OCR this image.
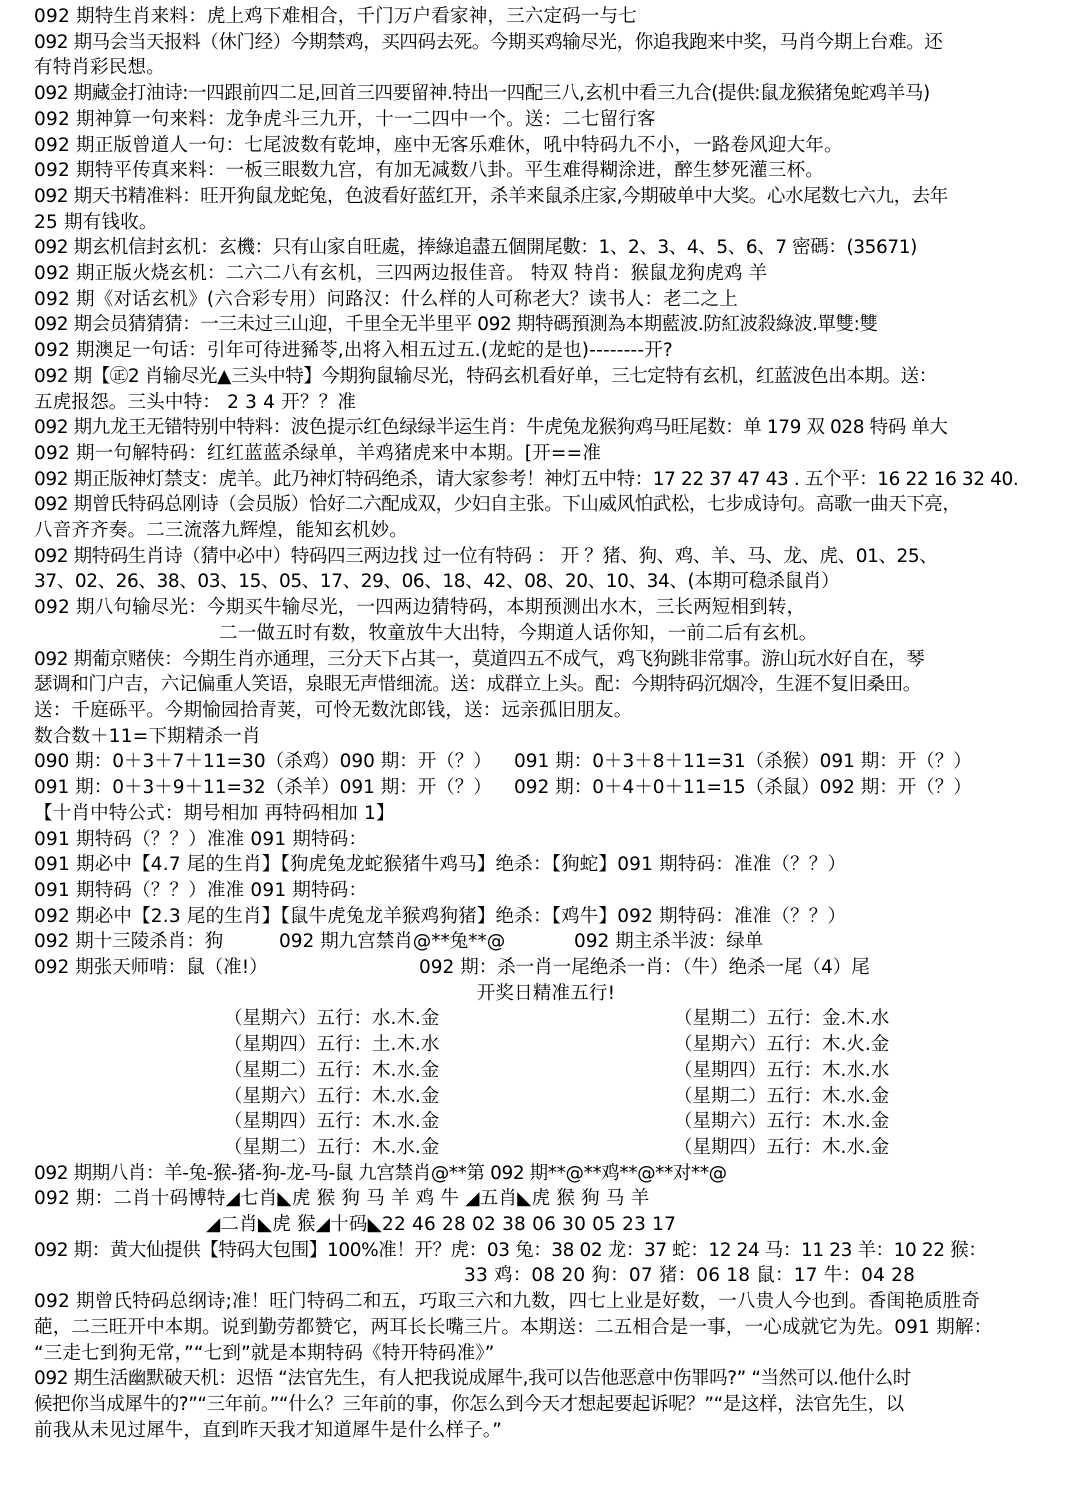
092 期特生肖来料：虎上鸡下难相合，千门万户看家神，三六定码一与七
092 期马会当天报料（休门经）今期禁鸡，买四码去死。今期买鸡输尽光，你追我跑来中奖，马肖今期上台难。还
有特肖彩民想。
092 期藏金打油诗:一四跟前四二足,回首三四要留神.特出一四配三八,玄机中看三九合(提供:鼠龙猴猪兔蛇鸡羊马)
092 期神算一句来料：龙争虎斗三九开，十一二四中一个。送：二七留行客
092 期正版曾道人一句：七尾波数有乾坤，座中无客乐难休，吼中特码九不小，一路卷风迎大年。
092 期特平传真来料：一板三眼数九宫，有加无减数八卦。平生难得糊涂进，醉生梦死灌三杯。
092 期天书精准料：旺开狗鼠龙蛇兔，色波看好蓝红开，杀羊来鼠杀庄家,今期破单中大奖。心水尾数七六九，去年
25 期有钱收。
092 期玄机信封玄机：玄機：只有山家自旺處，捧綠追盡五個開尾數：1、2、3、4、5、6、7 密碼：(35671)
092 期正版火烧玄机：二六二八有玄机，三四两边报佳音。 特双 特肖：猴鼠龙狗虎鸡 羊
092 期《对话玄机》(六合彩专用）问路汉：什么样的人可称老大？读书人：老二之上
092 期会员猜猜猜：一三未过三山迎，千里全无半里平 092 期特碼預測為本期藍波.防紅波殺綠波.單雙:雙
092 期澳足一句话：引年可待进豨苓,出将入相五过五.(龙蛇的是也)--------开?
092 期【㊣2 肖输尽光▲三头中特】今期狗鼠输尽光，特码玄机看好单，三七定特有玄机，红蓝波色出本期。送：
五虎报怨。三头中特： 2 3 4 开？？准
092 期九龙王无错特别中特料：波色提示红色绿绿半运生肖：牛虎兔龙猴狗鸡马旺尾数：单 179 双 028 特码 单大
092 期一句解特码：红红蓝蓝杀绿单，羊鸡猪虎来中本期。[开==准
092 期正版神灯禁支：虎羊。此乃神灯特码绝杀，请大家参考！神灯五中特：17 22 37 47 43 . 五个平：16 22 16 32 40.
092 期曾氏特码总刚诗（会员版）恰好二六配成双，少妇自主张。下山威风怕武松，七步成诗句。高歌一曲天下亮，
八音齐齐奏。二三流落九辉煌，能知玄机妙。
092 期特码生肖诗（猜中必中）特码四三两边找 过一位有特码 ： 开 ？猪、狗、鸡、羊、马、龙、虎、01、25、
37、02、26、38、03、15、05、17、29、06、18、42、08、20、10、34、(本期可稳杀鼠肖）
092 期八句输尽光：今期买牛输尽光，一四两边猜特码，本期预测出水木，三长两短相到转，
二一做五时有数，牧童放牛大出特，今期道人话你知，一前二后有玄机。
092 期葡京赌侠：今期生肖亦通理，三分天下占其一，莫道四五不成气，鸡飞狗跳非常事。游山玩水好自在，琴
瑟调和门户吉，六记偏重人笑语，泉眼无声惜细流。送：成群立上头。配：今期特码沉烟冷，生涯不复旧桑田。
送：千庭砾平。今期愉园拾青荚，可怜无数沈郎钱，送：远亲孤旧朋友。
数合数＋11=下期精杀一肖
090 期：0＋3＋7＋11=30（杀鸡）090 期：开（？）	091 期：0＋3＋8＋11=31（杀猴）091 期：开（？）
091 期：0＋3＋9＋11=32（杀羊）091 期：开（？）	092 期：0＋4＋0＋11=15（杀鼠）092 期：开（？）
【十肖中特公式：期号相加 再特码相加 1】
091 期特码（？？）准准 091 期特码：
091 期必中【4.7 尾的生肖】【狗虎兔龙蛇猴猪牛鸡马】绝杀：【狗蛇】091 期特码：准准（？？）
091 期特码（？？）准准 091 期特码：
092 期必中【2.3 尾的生肖】【鼠牛虎兔龙羊猴鸡狗猪】绝杀：【鸡牛】092 期特码：准准（？？）
092 期十三陵杀肖：狗	092 期九宫禁肖@**兔**@	092 期主杀半波：绿单
092 期张天师啃：鼠（准!）	092 期：杀一肖一尾绝杀一肖：（牛）绝杀一尾（4）尾
开奖日精准五行!
（星期六）五行：水.木.金	（星期二）五行：金.木.水
（星期四）五行：土.木.水	（星期六）五行：木.火.金
（星期二）五行：木.水.金	（星期四）五行：木.水.水
（星期六）五行：木.水.金	（星期二）五行：木.水.金
（星期四）五行：木.水.金	（星期六）五行：木.水.金
（星期二）五行：木.水.金	（星期四）五行：木.水.金
092 期期八肖：羊-兔-猴-猪-狗-龙-马-鼠 九宫禁肖@**第 092 期**@**鸡**@**对**@
092 期：二肖十码博特◢七肖◣虎 猴 狗 马 羊 鸡 牛 ◢五肖◣虎 猴 狗 马 羊
◢二肖◣虎 猴◢十码◣22 46 28 02 38 06 30 05 23 17
092 期：黄大仙提供【特码大包围】100%准！开？虎：03 兔：38 02 龙：37 蛇：12 24 马：11 23 羊：10 22 猴：
33 鸡：08 20 狗：07 猪：06 18 鼠：17 牛：04 28
092 期曾氏特码总纲诗;准！旺门特码二和五，巧取三六和九数，四七上业是好数，一八贵人今也到。香闺艳质胜奇
葩，二三旺开中本期。说到勤劳都赞它，两耳长长嘴三片。本期送：二五相合是一事，一心成就它为先。091 期解：
“三走七到狗无常，”“七到”就是本期特码《特开特码准》”
092 期生活幽默破天机：迟悟 “法官先生，有人把我说成犀牛,我可以告他恶意中伤罪吗?” “当然可以.他什么时
候把你当成犀牛的?”“三年前。”“什么？三年前的事，你怎么到今天才想起要起诉呢？”“是这样，法官先生，以
前我从未见过犀牛，直到昨天我才知道犀牛是什么样子。”
